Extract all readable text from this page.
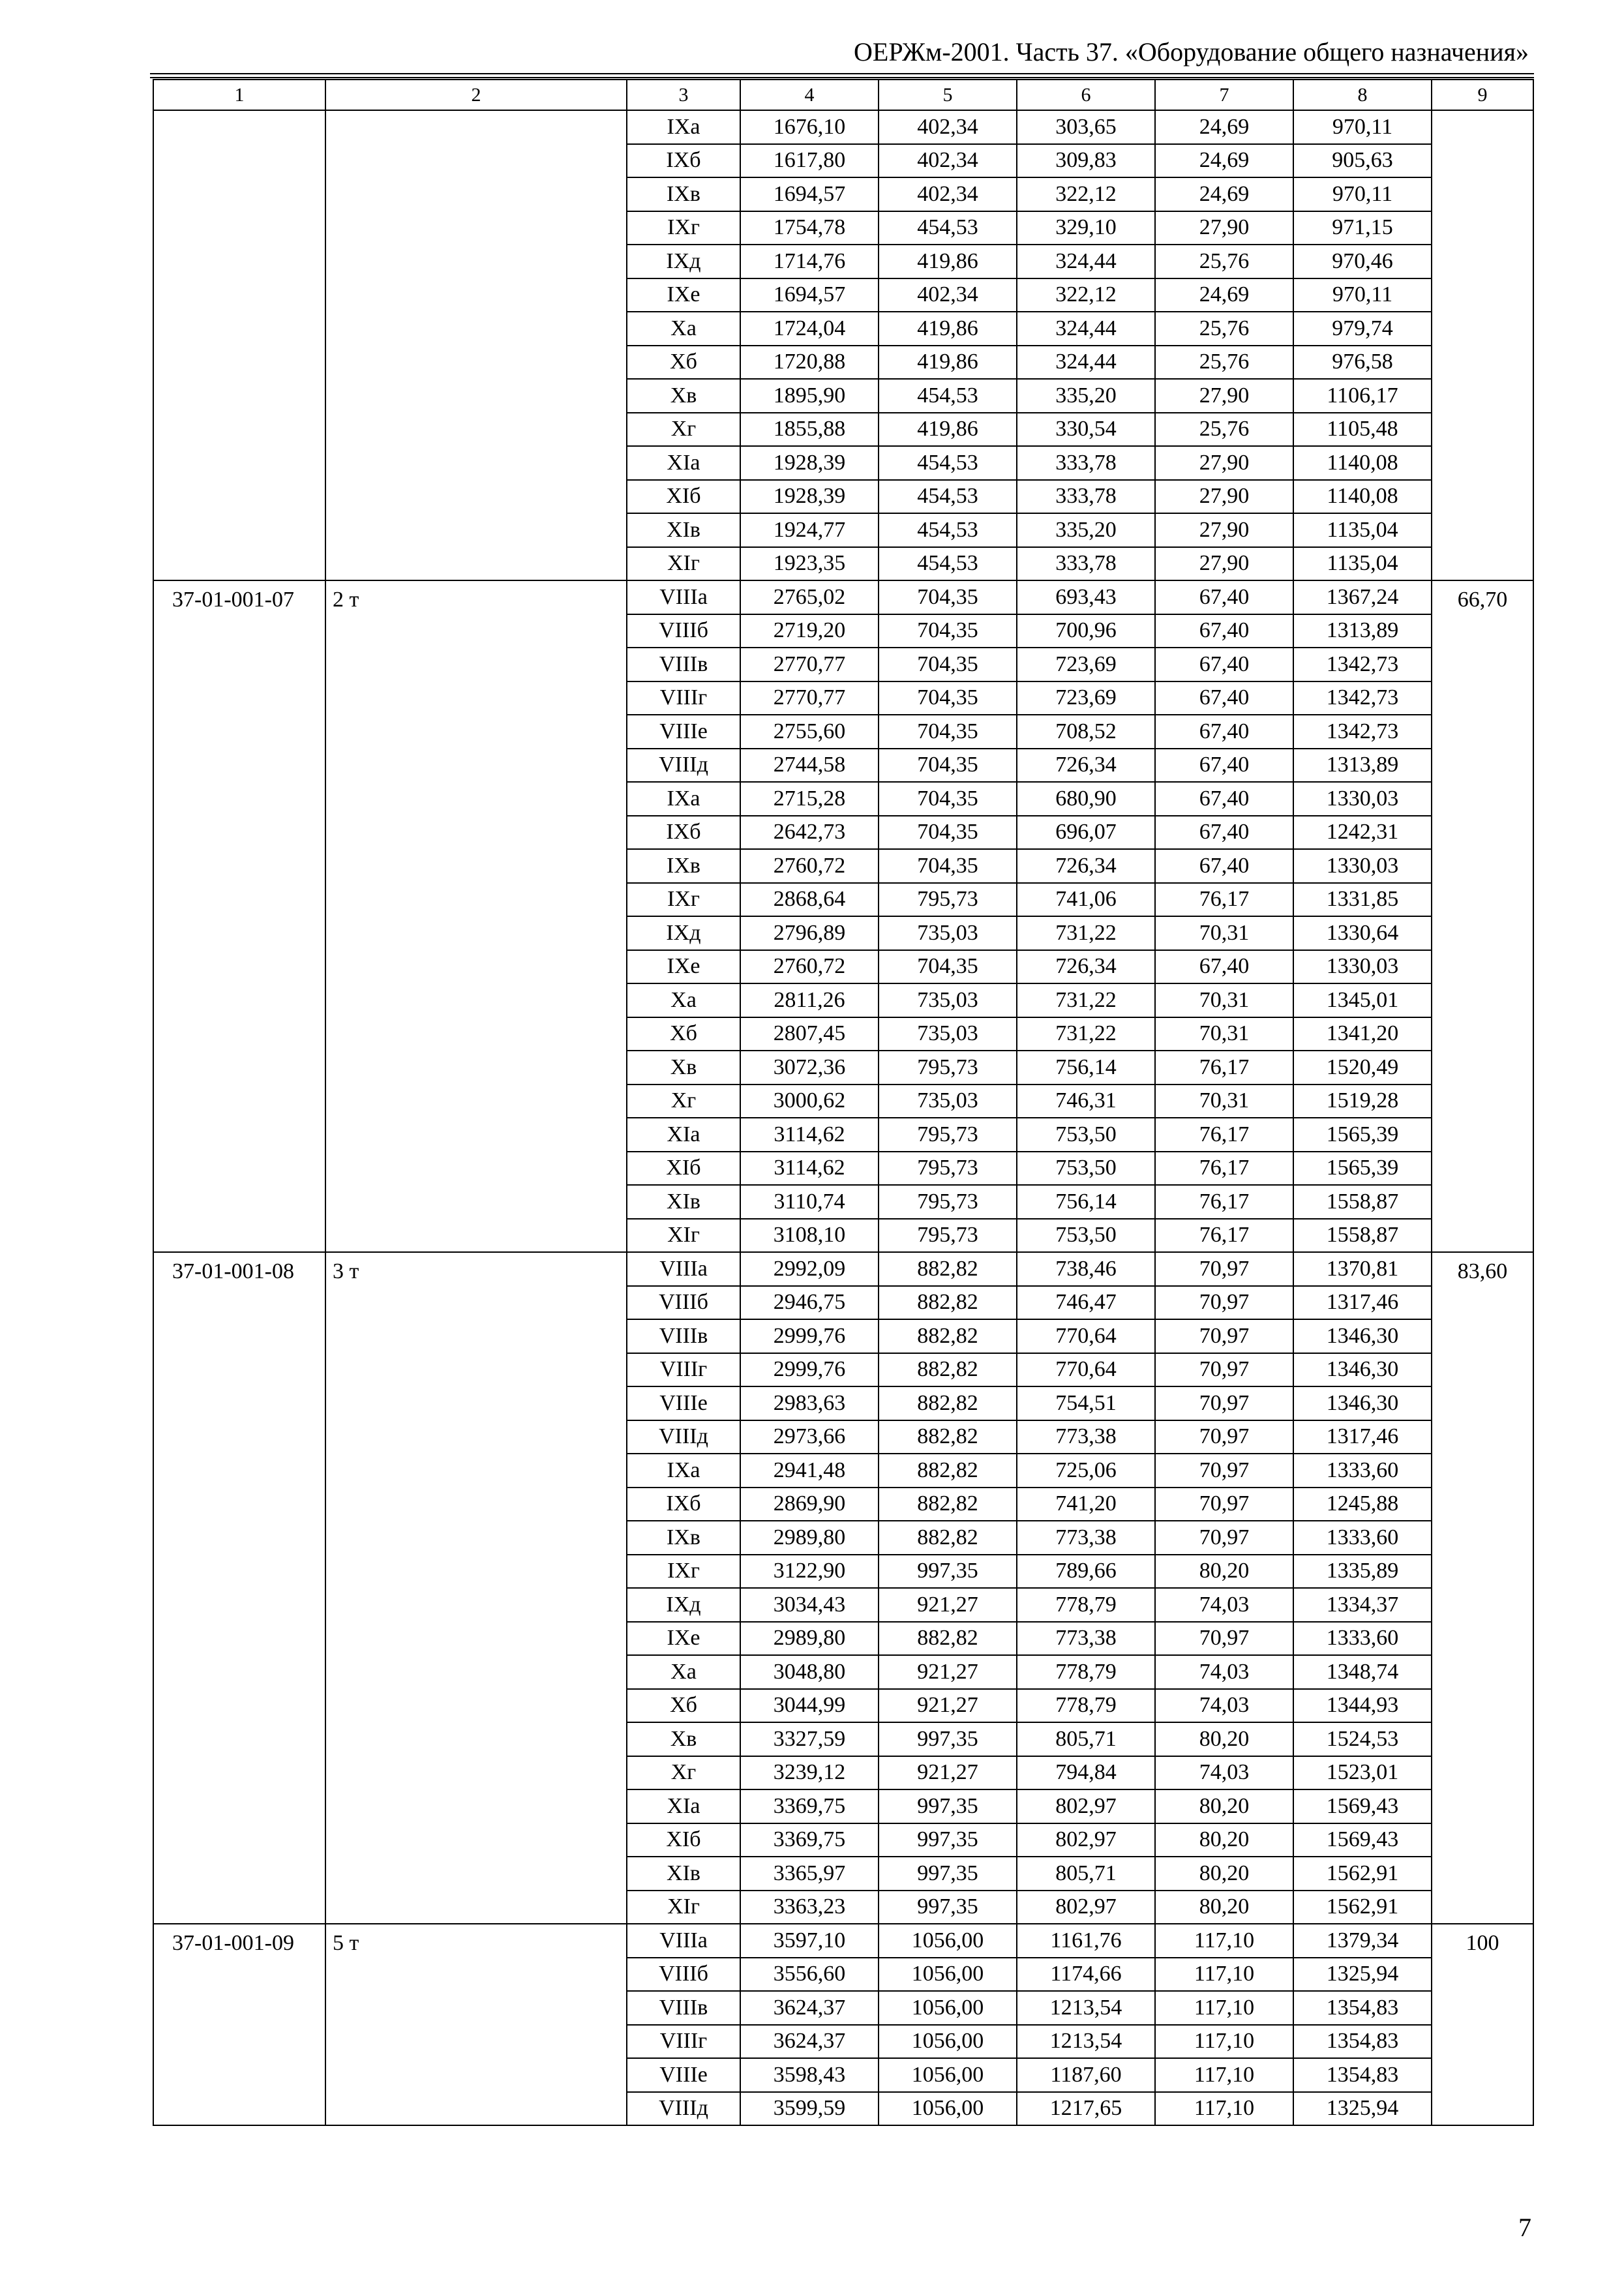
ОЕРЖм-2001. Часть 37. «Оборудование общего назначения»
1	2	3	4	5	6	7	8	9
		IXа	1676,10	402,34	303,65	24,69	970,11	
		IXб	1617,80	402,34	309,83	24,69	905,63	
		IXв	1694,57	402,34	322,12	24,69	970,11	
		IXг	1754,78	454,53	329,10	27,90	971,15	
		IXд	1714,76	419,86	324,44	25,76	970,46	
		IXе	1694,57	402,34	322,12	24,69	970,11	
		Xа	1724,04	419,86	324,44	25,76	979,74	
		Xб	1720,88	419,86	324,44	25,76	976,58	
		Xв	1895,90	454,53	335,20	27,90	1106,17	
		Xг	1855,88	419,86	330,54	25,76	1105,48	
		XIа	1928,39	454,53	333,78	27,90	1140,08	
		XIб	1928,39	454,53	333,78	27,90	1140,08	
		XIв	1924,77	454,53	335,20	27,90	1135,04	
		XIг	1923,35	454,53	333,78	27,90	1135,04	
37-01-001-07	2 т	VIIIа	2765,02	704,35	693,43	67,40	1367,24	66,70
		VIIIб	2719,20	704,35	700,96	67,40	1313,89	
		VIIIв	2770,77	704,35	723,69	67,40	1342,73	
		VIIIг	2770,77	704,35	723,69	67,40	1342,73	
		VIIIе	2755,60	704,35	708,52	67,40	1342,73	
		VIIIд	2744,58	704,35	726,34	67,40	1313,89	
		IXа	2715,28	704,35	680,90	67,40	1330,03	
		IXб	2642,73	704,35	696,07	67,40	1242,31	
		IXв	2760,72	704,35	726,34	67,40	1330,03	
		IXг	2868,64	795,73	741,06	76,17	1331,85	
		IXд	2796,89	735,03	731,22	70,31	1330,64	
		IXе	2760,72	704,35	726,34	67,40	1330,03	
		Xа	2811,26	735,03	731,22	70,31	1345,01	
		Xб	2807,45	735,03	731,22	70,31	1341,20	
		Xв	3072,36	795,73	756,14	76,17	1520,49	
		Xг	3000,62	735,03	746,31	70,31	1519,28	
		XIа	3114,62	795,73	753,50	76,17	1565,39	
		XIб	3114,62	795,73	753,50	76,17	1565,39	
		XIв	3110,74	795,73	756,14	76,17	1558,87	
		XIг	3108,10	795,73	753,50	76,17	1558,87	
37-01-001-08	3 т	VIIIа	2992,09	882,82	738,46	70,97	1370,81	83,60
		VIIIб	2946,75	882,82	746,47	70,97	1317,46	
		VIIIв	2999,76	882,82	770,64	70,97	1346,30	
		VIIIг	2999,76	882,82	770,64	70,97	1346,30	
		VIIIе	2983,63	882,82	754,51	70,97	1346,30	
		VIIIд	2973,66	882,82	773,38	70,97	1317,46	
		IXа	2941,48	882,82	725,06	70,97	1333,60	
		IXб	2869,90	882,82	741,20	70,97	1245,88	
		IXв	2989,80	882,82	773,38	70,97	1333,60	
		IXг	3122,90	997,35	789,66	80,20	1335,89	
		IXд	3034,43	921,27	778,79	74,03	1334,37	
		IXе	2989,80	882,82	773,38	70,97	1333,60	
		Xа	3048,80	921,27	778,79	74,03	1348,74	
		Xб	3044,99	921,27	778,79	74,03	1344,93	
		Xв	3327,59	997,35	805,71	80,20	1524,53	
		Xг	3239,12	921,27	794,84	74,03	1523,01	
		XIа	3369,75	997,35	802,97	80,20	1569,43	
		XIб	3369,75	997,35	802,97	80,20	1569,43	
		XIв	3365,97	997,35	805,71	80,20	1562,91	
		XIг	3363,23	997,35	802,97	80,20	1562,91	
37-01-001-09	5 т	VIIIа	3597,10	1056,00	1161,76	117,10	1379,34	100
		VIIIб	3556,60	1056,00	1174,66	117,10	1325,94	
		VIIIв	3624,37	1056,00	1213,54	117,10	1354,83	
		VIIIг	3624,37	1056,00	1213,54	117,10	1354,83	
		VIIIе	3598,43	1056,00	1187,60	117,10	1354,83	
		VIIIд	3599,59	1056,00	1217,65	117,10	1325,94	
7
